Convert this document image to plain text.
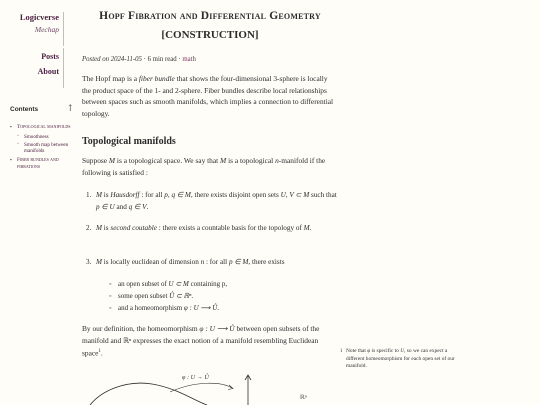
Logicverse
Mechap
Posts
About
Contents	↑
▪ Topological manifolds
◦ Smoothness
◦ Smooth map between manifolds
▪ Fiber bundles and fibrations
Hopf Fibration and Differential Geometry
[CONSTRUCTION]
Posted on 2024-11-05 · 6 min read · math
The Hopf map is a fiber bundle that shows the four-dimensional 3-sphere is locally the product space of the 1- and 2-sphere. Fiber bundles describe local relationships between spaces such as smooth manifolds, which implies a connection to differential topology.
Topological manifolds
Suppose M is a topological space. We say that M is a topological n-manifold if the following is satisfied :
1. M is Hausdorff : for all p, q ∈ M, there exists disjoint open sets U, V ⊂ M such that p ∈ U and q ∈ V.
2. M is second coutable : there exists a countable basis for the topology of M.
3. M is locally euclidean of dimension n : for all p ∈ M, there exists
◦ an open subset of U ⊂ M containing p,
◦ some open subset Û ⊂ ℝⁿ.
◦ and a homeomorphism φ : U ⟶ Û.
By our definition, the homeomorphism φ : U ⟶ Û between open subsets of the manifold and ℝⁿ expresses the exact notion of a manifold resembling Euclidean space$^1$.	1 Note that φ is specific to U, so we can expect a different homeomorphism for each open set of our manifold.
φ : U → Û
ℝⁿ
